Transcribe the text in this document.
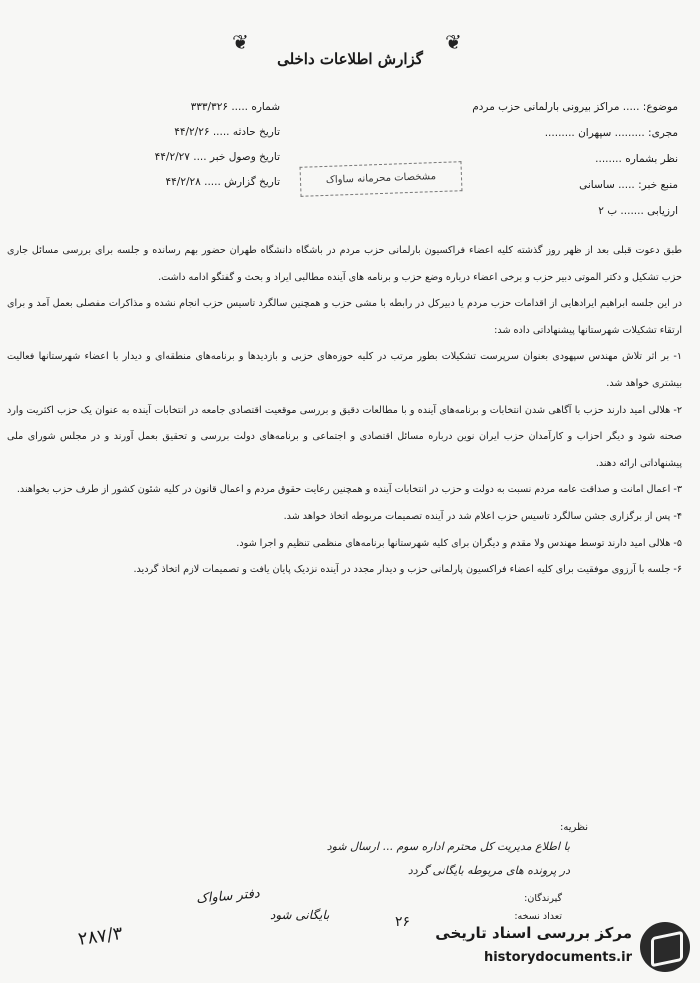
❦	❦
گزارش اطلاعات داخلی
موضوع: ..... مراکز بیرونی بارلمانی حزب مردم
مجری: ......... سپهران .........
نظر بشماره ........
منبع خبر: ..... ساسانی
ارزیابی ....... ب ۲
شماره ..... ۳۳۳/۳۲۶
تاریخ حادثه ..... ۴۴/۲/۲۶
تاریخ وصول خبر .... ۴۴/۲/۲۷
تاریخ گزارش ..... ۴۴/۲/۲۸	مشخصات محرمانه ساواک

طبق دعوت قبلی بعد از ظهر روز گذشته کلیه اعضاء فراکسیون بارلمانی حزب مردم در باشگاه دانشگاه طهران حضور بهم رسانده و جلسه برای بررسی مسائل جاری حزب تشکیل و دکتر الموتی دبیر حزب و برخی اعضاء درباره وضع حزب و برنامه های آینده مطالبی ایراد و بحث و گفتگو ادامه داشت.

در این جلسه ابراهیم ایرادهایی از اقدامات حزب مردم یا دبیرکل در رابطه با مشی حزب و همچنین سالگرد تاسیس حزب انجام نشده و مذاکرات مفصلی بعمل آمد و برای ارتقاء تشکیلات شهرستانها پیشنهاداتی داده شد:

۱- بر اثر تلاش مهندس سپهودی بعنوان سرپرست تشکیلات بطور مرتب در کلیه حوزه‌های حزبی و بازدیدها و برنامه‌های منطقه‌ای و دیدار با اعضاء شهرستانها فعالیت بیشتری خواهد شد.

۲- هلالی امید دارند حزب با آگاهی شدن انتخابات و برنامه‌های آینده و با مطالعات دقیق و بررسی موقعیت اقتصادی جامعه در انتخابات آینده به عنوان یک حزب اکثریت وارد صحنه شود و دیگر احزاب و کارآمدان حزب ایران نوین درباره مسائل اقتصادی و اجتماعی و برنامه‌های دولت بررسی و تحقیق بعمل آورند و در مجلس شورای ملی پیشنهاداتی ارائه دهند.

۳- اعمال امانت و صداقت عامه مردم نسبت به دولت و حزب در انتخابات آینده و همچنین رعایت حقوق مردم و اعمال قانون در کلیه شئون کشور از طرف حزب بخواهند.

۴- پس از برگزاری جشن سالگرد تاسیس حزب اعلام شد در آینده تصمیمات مربوطه اتخاذ خواهد شد.

۵- هلالی امید دارند توسط مهندس ولا مقدم و دیگران برای کلیه شهرستانها برنامه‌های منظمی تنظیم و اجرا شود.

۶- جلسه با آرزوی موفقیت برای کلیه اعضاء فراکسیون پارلمانی حزب و دیدار مجدد در آینده نزدیک پایان یافت و تصمیمات لازم اتخاذ گردید.

نظریه:
با اطلاع مدیریت کل محترم اداره سوم ... ارسال شود
در پرونده های مربوطه بایگانی گردد
گیرندگان:
تعداد نسخه:
دفتر ساواک
۲۸۷/۳
بایگانی شود	۲۶
مرکز بررسی اسناد تاریخی
historydocuments.ir
